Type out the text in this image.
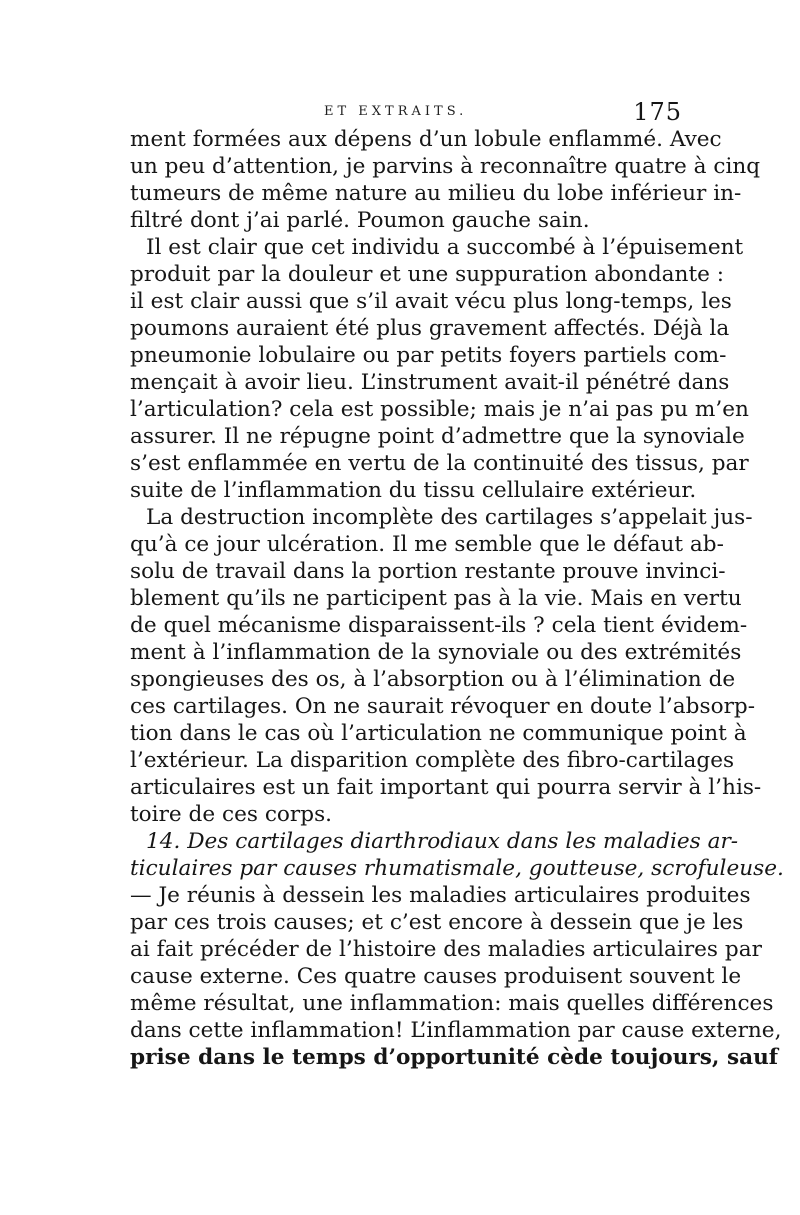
ET EXTRAITS.	175
ment formées aux dépens d’un lobule enflammé. Avec
un peu d’attention, je parvins à reconnaître quatre à cinq
tumeurs de même nature au milieu du lobe inférieur in-
filtré dont j’ai parlé. Poumon gauche sain.
Il est clair que cet individu a succombé à l’épuisement
produit par la douleur et une suppuration abondante :
il est clair aussi que s’il avait vécu plus long-temps, les
poumons auraient été plus gravement affectés. Déjà la
pneumonie lobulaire ou par petits foyers partiels com-
mençait à avoir lieu. L’instrument avait-il pénétré dans
l’articulation? cela est possible; mais je n’ai pas pu m’en
assurer. Il ne répugne point d’admettre que la synoviale
s’est enflammée en vertu de la continuité des tissus, par
suite de l’inflammation du tissu cellulaire extérieur.
La destruction incomplète des cartilages s’appelait jus-
qu’à ce jour ulcération. Il me semble que le défaut ab-
solu de travail dans la portion restante prouve invinci-
blement qu’ils ne participent pas à la vie. Mais en vertu
de quel mécanisme disparaissent-ils ? cela tient évidem-
ment à l’inflammation de la synoviale ou des extrémités
spongieuses des os, à l’absorption ou à l’élimination de
ces cartilages. On ne saurait révoquer en doute l’absorp-
tion dans le cas où l’articulation ne communique point à
l’extérieur. La disparition complète des fibro-cartilages
articulaires est un fait important qui pourra servir à l’his-
toire de ces corps.
14. Des cartilages diarthrodiaux dans les maladies ar-
ticulaires par causes rhumatismale, goutteuse, scrofuleuse.
— Je réunis à dessein les maladies articulaires produites
par ces trois causes; et c’est encore à dessein que je les
ai fait précéder de l’histoire des maladies articulaires par
cause externe. Ces quatre causes produisent souvent le
même résultat, une inflammation: mais quelles différences
dans cette inflammation! L’inflammation par cause externe,
prise dans le temps d’opportunité cède toujours, sauf
